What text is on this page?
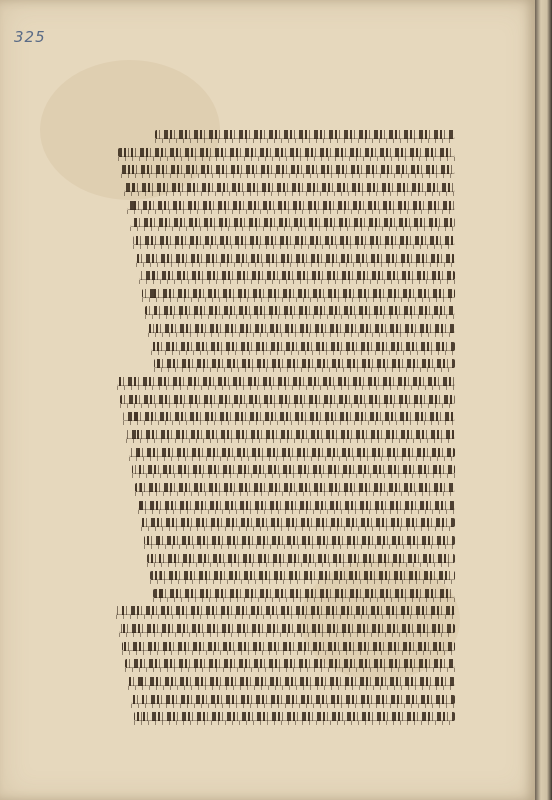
325
